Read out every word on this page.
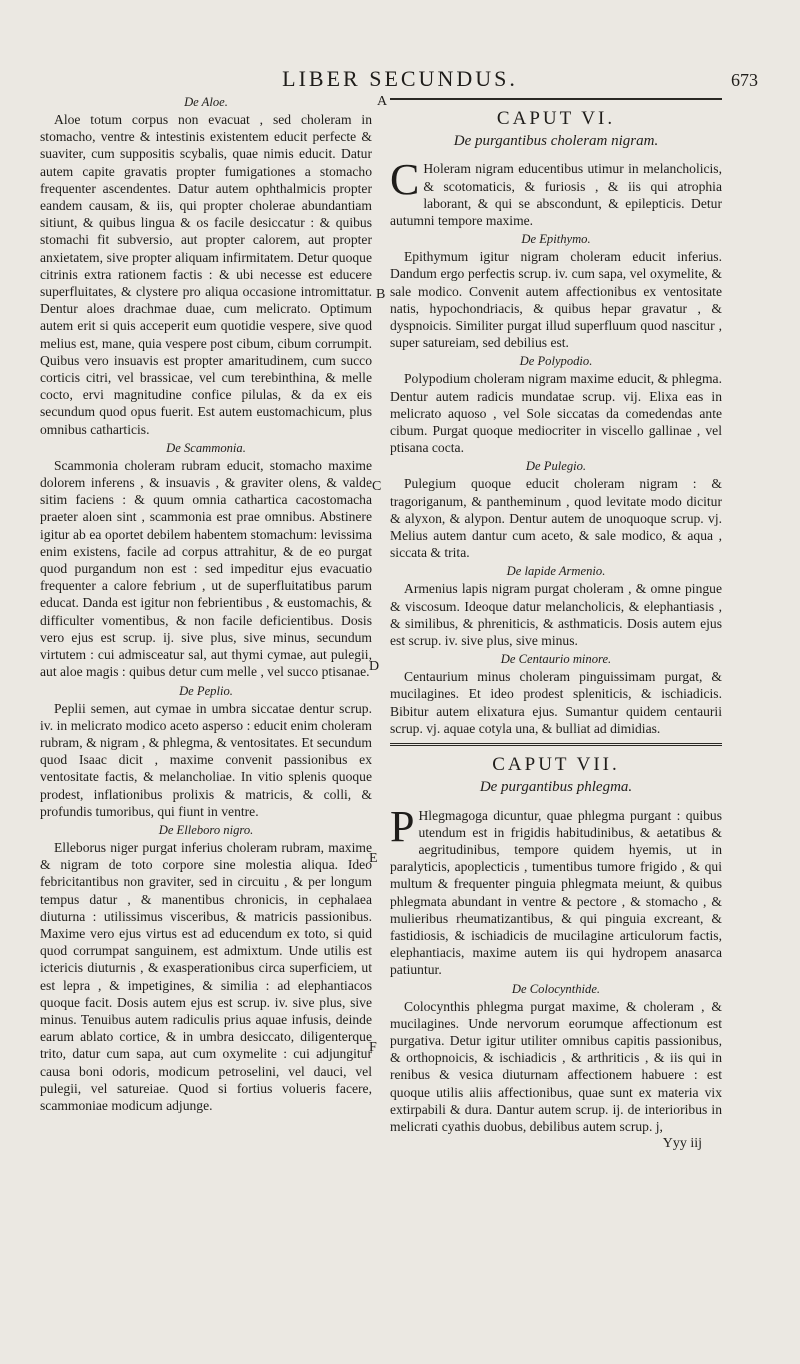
LIBER SECUNDUS.	673
A
B
C
D
E
F
De Aloe.

Aloe totum corpus non evacuat , sed choleram in stomacho, ventre & intestinis existentem educit perfecte & suaviter, cum suppositis scybalis, quae nimis educit. Datur autem capite gravatis propter fumigationes a stomacho frequenter ascendentes. Datur autem ophthalmicis propter eandem causam, & iis, qui propter cholerae abundantiam sitiunt, & quibus lingua & os facile desiccatur : & quibus stomachi fit subversio, aut propter calorem, aut propter anxietatem, sive propter aliquam infirmitatem. Detur quoque citrinis extra rationem factis : & ubi necesse est educere superfluitates, & clystere pro aliqua occasione intromittatur. Dentur aloes drachmae duae, cum melicrato. Optimum autem erit si quis acceperit eum quotidie vespere, sive quod melius est, mane, quia vespere post cibum, cibum corrumpit. Quibus vero insuavis est propter amaritudinem, cum succo corticis citri, vel brassicae, vel cum terebinthina, & melle cocto, ervi magnitudine confice pilulas, & da ex eis secundum quod opus fuerit. Est autem eustomachicum, plus omnibus catharticis.

De Scammonia.

Scammonia choleram rubram educit, stomacho maxime dolorem inferens , & insuavis , & graviter olens, & valde sitim faciens : & quum omnia cathartica cacostomacha praeter aloen sint , scammonia est prae omnibus. Abstinere igitur ab ea oportet debilem habentem stomachum: levissima enim existens, facile ad corpus attrahitur, & de eo purgat quod purgandum non est : sed impeditur ejus evacuatio frequenter a calore febrium , ut de superfluitatibus parum educat. Danda est igitur non febrientibus , & eustomachis, & difficulter vomentibus, & non facile deficientibus. Dosis vero ejus est scrup. ij. sive plus, sive minus, secundum virtutem : cui admisceatur sal, aut thymi cymae, aut pulegii, aut aloe magis : quibus detur cum melle , vel succo ptisanae.

De Peplio.

Peplii semen, aut cymae in umbra siccatae dentur scrup. iv. in melicrato modico aceto asperso : educit enim choleram rubram, & nigram , & phlegma, & ventositates. Et secundum quod Isaac dicit , maxime convenit passionibus ex ventositate factis, & melancholiae. In vitio splenis quoque prodest, inflationibus prolixis & matricis, & colli, & profundis tumoribus, qui fiunt in ventre.

De Elleboro nigro.

Elleborus niger purgat inferius choleram rubram, maxime & nigram de toto corpore sine molestia aliqua. Ideo febricitantibus non graviter, sed in circuitu , & per longum tempus datur , & manentibus chronicis, in cephalaea diuturna : utilissimus visceribus, & matricis passionibus. Maxime vero ejus virtus est ad educendum ex toto, si quid quod corrumpat sanguinem, est admixtum. Unde utilis est ictericis diuturnis , & exasperationibus circa superficiem, ut est lepra , & impetigines, & similia : ad elephantiacos quoque facit. Dosis autem ejus est scrup. iv. sive plus, sive minus. Tenuibus autem radiculis prius aquae infusis, deinde earum ablato cortice, & in umbra desiccato, diligenterque trito, datur cum sapa, aut cum oxymelite : cui adjungitur causa boni odoris, modicum petroselini, vel dauci, vel pulegii, vel satureiae. Quod si fortius volueris facere, scammoniae modicum adjunge.

CAPUT VI.
De purgantibus choleram nigram.

C Holeram nigram educentibus utimur in melancholicis, & scotomaticis, & furiosis , & iis qui atrophia laborant, & qui se abscondunt, & epilepticis. Detur autumni tempore maxime.

De Epithymo.

Epithymum igitur nigram choleram educit inferius. Dandum ergo perfectis scrup. iv. cum sapa, vel oxymelite, & sale modico. Convenit autem affectionibus ex ventositate natis, hypochondriacis, & quibus hepar gravatur , & dyspnoicis. Similiter purgat illud superfluum quod nascitur , super satureiam, sed debilius est.

De Polypodio.

Polypodium choleram nigram maxime educit, & phlegma. Dentur autem radicis mundatae scrup. vij. Elixa eas in melicrato aquoso , vel Sole siccatas da comedendas ante cibum. Purgat quoque mediocriter in viscello gallinae , vel ptisana cocta.

De Pulegio.

Pulegium quoque educit choleram nigram : & tragoriganum, & pantheminum , quod levitate modo dicitur & alyxon, & alypon. Dentur autem de unoquoque scrup. vj. Melius autem dantur cum aceto, & sale modico, & aqua , siccata & trita.

De lapide Armenio.

Armenius lapis nigram purgat choleram , & omne pingue & viscosum. Ideoque datur melancholicis, & elephantiasis , & similibus, & phreniticis, & asthmaticis. Dosis autem ejus est scrup. iv. sive plus, sive minus.

De Centaurio minore.

Centaurium minus choleram pinguissimam purgat, & mucilagines. Et ideo prodest spleniticis, & ischiadicis. Bibitur autem elixatura ejus. Sumantur quidem centaurii scrup. vj. aquae cotyla una, & bulliat ad dimidias.

CAPUT VII.
De purgantibus phlegma.

P Hlegmagoga dicuntur, quae phlegma purgant : quibus utendum est in frigidis habitudinibus, & aetatibus & aegritudinibus, tempore quidem hyemis, ut in paralyticis, apoplecticis , tumentibus tumore frigido , & qui multum & frequenter pinguia phlegmata meiunt, & quibus phlegmata abundant in ventre & pectore , & stomacho , & mulieribus rheumatizantibus, & qui pinguia excreant, & fastidiosis, & ischiadicis de mucilagine articulorum factis, elephantiacis, maxime autem iis qui hydropem anasarca patiuntur.

De Colocynthide.

Colocynthis phlegma purgat maxime, & choleram , & mucilagines. Unde nervorum eorumque affectionum est purgativa. Detur igitur utiliter omnibus capitis passionibus, & orthopnoicis, & ischiadicis , & arthriticis , & iis qui in renibus & vesica diuturnam affectionem habuere : est quoque utilis aliis affectionibus, quae sunt ex materia vix extirpabili & dura. Dantur autem scrup. ij. de interioribus in melicrati cyathis duobus, debilibus autem scrup. j,

Yyy iij
